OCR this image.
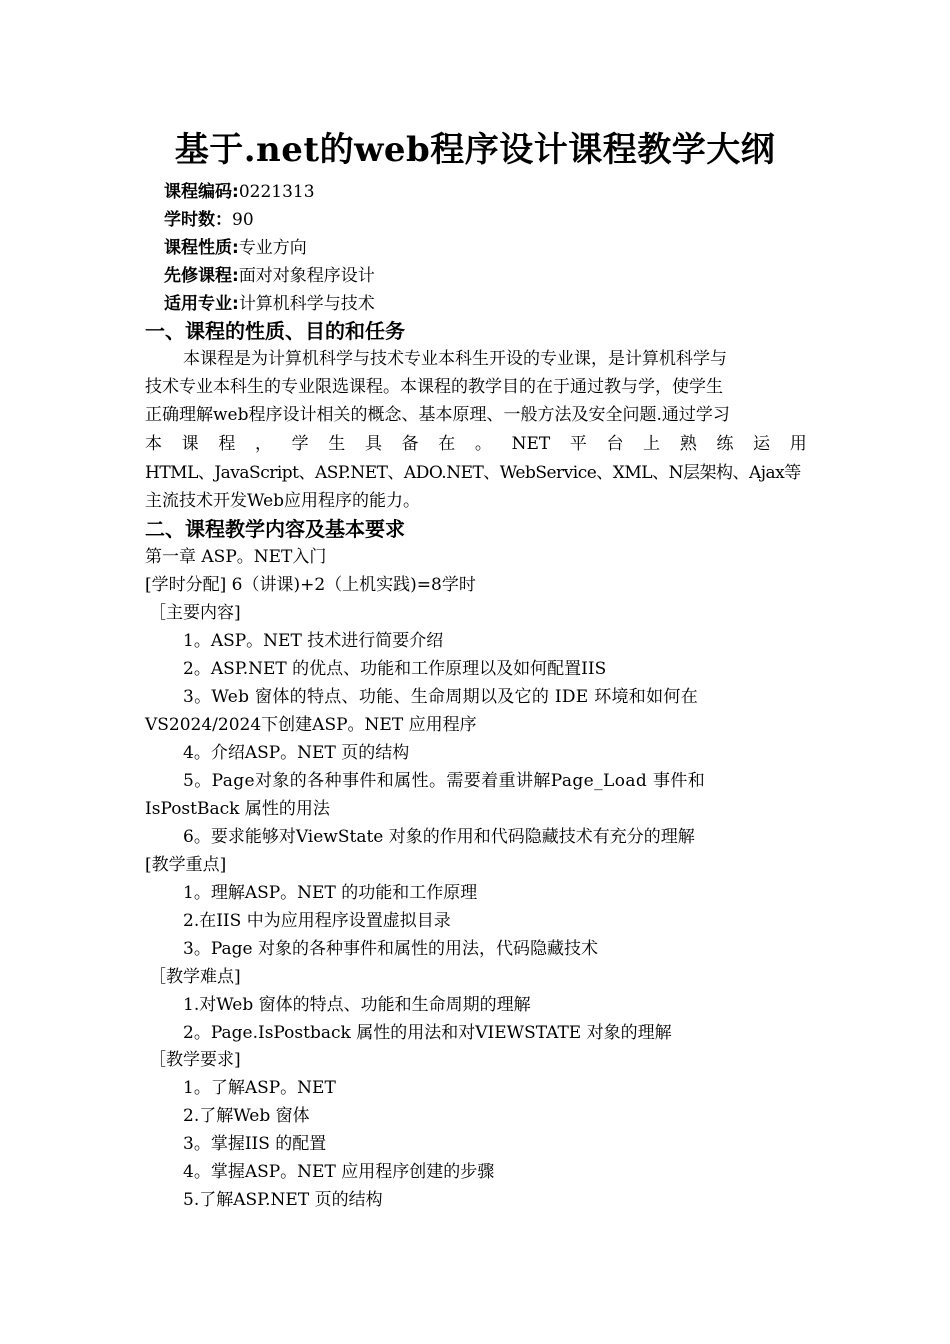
基于.net的web程序设计课程教学大纲
课程编码:0221313
学时数：90
课程性质:专业方向
先修课程:面对对象程序设计
适用专业:计算机科学与技术
一、课程的性质、目的和任务
本课程是为计算机科学与技术专业本科生开设的专业课，是计算机科学与
技术专业本科生的专业限选课程。本课程的教学目的在于通过教与学，使学生
正确理解web程序设计相关的概念、基本原理、一般方法及安全问题.通过学习
本 课 程 ， 学 生 具 备 在 。 NET 平 台 上 熟 练 运 用
HTML、JavaScript、ASP.NET、ADO.NET、WebService、XML、N层架构、Ajax等
主流技术开发Web应用程序的能力。
二、课程教学内容及基本要求
第一章 ASP。NET入门
[学时分配] 6（讲课)+2（上机实践)=8学时
［主要内容]
1。ASP。NET 技术进行简要介绍
2。ASP.NET 的优点、功能和工作原理以及如何配置IIS
3。Web 窗体的特点、功能、生命周期以及它的 IDE 环境和如何在
VS2024/2024下创建ASP。NET 应用程序
4。介绍ASP。NET 页的结构
5。Page对象的各种事件和属性。需要着重讲解Page_Load 事件和
IsPostBack 属性的用法
6。要求能够对ViewState 对象的作用和代码隐藏技术有充分的理解
[教学重点]
1。理解ASP。NET 的功能和工作原理
2.在IIS 中为应用程序设置虚拟目录
3。Page 对象的各种事件和属性的用法，代码隐藏技术
［教学难点]
1.对Web 窗体的特点、功能和生命周期的理解
2。Page.IsPostback 属性的用法和对VIEWSTATE 对象的理解
［教学要求]
1。了解ASP。NET
2.了解Web 窗体
3。掌握IIS 的配置
4。掌握ASP。NET 应用程序创建的步骤
5.了解ASP.NET 页的结构
